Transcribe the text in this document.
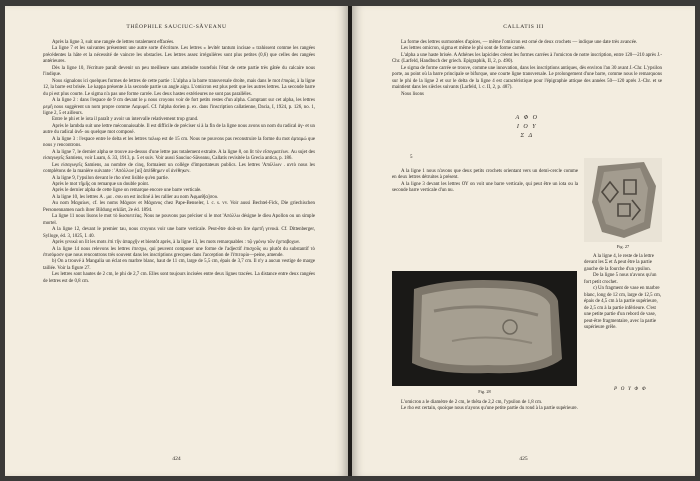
THÉOPHILE SAUCIUC-SĂVEANU

Après la ligne 3, suit une rangée de lettres totalement effacées.

La ligne 7 et les suivantes présentent une autre sorte d'écriture. Les lettres « levitér tantum incisae » trahissent comme les rangées précédentes la hâte et la nécessité de vaincre les obstacles. Les lettres assez irrégulières sont plus petites (0,6) que celles des rangées antérieures.

Dès la ligne 10, l'écriture paraît devenir un peu meilleure sans atteindre toutefois l'état de cette partie très gâtée du calcaire nous l'indique.

Nous signalons ici quelques formes de lettres de cette partie : L'alpha a la barre transversale droite, mais dans le mot ἐπορία, à la ligne 12, la barre est brisée. Le kappa présente à la seconde partie un angle aigu. L'omicron est plus petit que les autres lettres. La seconde barre du pi est plus courte. Le sigma n'a pas une forme carrée. Les deux hastes extérieures ne sont pas parallèles.

A la ligne 2 : dans l'espace de 9 cm devant le μ nous croyons voir de fort petits restes d'un alpha. Comptant sur cet alpha, les lettres ρεμῆ nous suggèrent un nom propre comme Λαμυρεῖ. Cf. l'alpha dorien p. ex. dans l'inscription callatienne, Dacia, I, 1924, p. 126, no. 1, ligne 2, 5 et ailleurs.

Entre le phi et le iota il paraît y avoir un intervalle relativement trop grand.

Après le lambda suit une lettre méconnaissable. Il est difficile de préciser si à la fin de la ligne nous avons un nom du radical ἁγ- et un autre du radical ἀνδ- ou quelque mot composé.

A la ligne 3 : l'espace entre le delta et les lettres ταλωρ est de 15 cm. Nous ne pouvons pas reconstruire la forme du mot ἀρταμώ que nous y rencontrons.

A la ligne 7, le dernier alpha se trouve au-dessus d'une lettre pas totalement extraite. A la ligne 8, on lit τὸν εἴσογματέων. Au sujet des εἰσαγωγεῖς Samiens, voir Luam, δ. 33, 1913, p. 5 et suiv. Voir aussi Sauciuc-Săveanu, Callatis revisitée la Grecia antica, p. 186.

Les εἰσαγωγεῖς Samiens, au nombre de cinq, formaient un collège d'importateurs publics. Les lettres 'Απόλλων . αντὸ nous les complétons de la manière suivante : 'Απόλλων [αί] ἀπέδθημεν οἳ ἀνέθηκεν.

A la ligne 9, l'ypsilon devant le rho n'est lisible qu'en partie.

Après le mot τῆμῆς on remarque un double point.

Après le dernier alpha de cette ligne on remarque encore une barre verticale.

A la ligne 10, les lettres Α . μα . σου on est incliné à les rallier au nom Ἀφμαθ[α]σου.

Au nom Μαχαίων, cf. les noms Μάχαον et Μάχανος chez Pape-Benseler, l. c. s. vv. Voir aussi Bechtel-Fick, Die griechischen Personennamen nach ihrer Bildung erklärt, 2e éd. 1894.

La ligne 11 nous lisons le mot τὸ δωσοειτέας. Nous ne pouvons pas préciser si le mot 'Απόλλω désigne le dieu Apollon ou un simple mortel.

A la ligne 12, devant le premier tau, nous croyons voir une barre verticale. Peut-être doit-on lire ἀρετῆ γενικά. Cf. Dittenberger, Sylloge, éd. 3, 1025, I. 40.

Après γενικά on lit les mots ἐπὶ τῆν ἀπαρχῆν et bientôt après, à la ligne 13, les mots remarquables : τῷ γρόνῳ τῶν ἐχεταβοχων.

A la ligne 14 nous relevons les lettres ἐπεσχω, qui peuvent composer une forme de l'adjectif ἐπισχοῦς ou plutôt du substantif τὸ ἐπισόμοσν que nous rencontrons très souvent dans les inscriptions grecques dans l'acception de l'ἐπιτορίο—peine, amende.

b) On a trouvé à Mangalia un éclat en marbre blanc, haut de 11 cm, large de 5,5 cm, épais de 3,7 cm. Il n'y a aucun vestige de marge taillée. Voir la figure 27.

Les lettres sont hautes de 2 cm, le phi de 2,7 cm. Elles sont toujours incisées entre deux lignes tracées. La distance entre deux rangées de lettres est de 0,8 cm.

424
CALLATIS III

La forme des lettres surmontées d'apices, — même l'omicron est orné de deux crochets — indique une date très avancée.

Les lettres omicron, sigma et même le phi sont de forme carrée.

L'alpha a une haste brisée. A Athènes les lapicides créent les formes carrées à l'omicron de notre inscription, entre 120—210 après J.-Chr. (Larfeld, Handbuch der griech. Epigraphik, II, 2, p. 490).

Le sigma de forme carrée se trouve, comme une innovation, dans les inscriptions antiques, dès environ l'an 30 avant J.-Chr. L'ypsilon porte, au point où la barre principale se bifurque, une courte ligne transversale. Le prolongement d'une barre, comme nous le remarquons sur le phi de la ligne 2 et sur le delta de la ligne 4 est caractéristique pour l'épigraphie attique des années 50—120 après J.-Chr. et se maintient dans les siècles suivants (Larfeld, l. c. II, 2, p. 487).

Nous lisons

Α Φ Ο
Ι Ο Υ
Σ Δ
5

A la ligne 1 nous n'avons que deux petits crochets orientant vers un demi-cercle comme en deux lettres détruites à présent.

A la ligne 3 devant les lettres ΟΥ on voit une barre verticale, qui peut être un iota ou la seconde barre verticale d'un nu.

Fig. 27

A la ligne 4, le reste de la lettre devant les Σ et Δ peut être la partie gauche de la fourche d'un ypsilon.

De la ligne 5 nous n'avons qu'un fort petit crochet.

c) Un fragment de vase en marbre blanc, long de 12 cm, large de 12,5 cm, épais de 4,5 cm à la partie supérieure, de 2,5 cm à la partie inférieure. C'est une petite partie d'un rebord de vase, peut-être fragmentaire, avec la partie supérieure grêle.

Ρ Ο Υ Φ Φ
Fig. 28

L'omicron a le diamètre de 2 cm, le thêta de 2,2 cm, l'ypsilon de 1,8 cm.

Le rho est certain, quoique nous n'ayons qu'une petite partie du rond à la partie supérieure.

425
